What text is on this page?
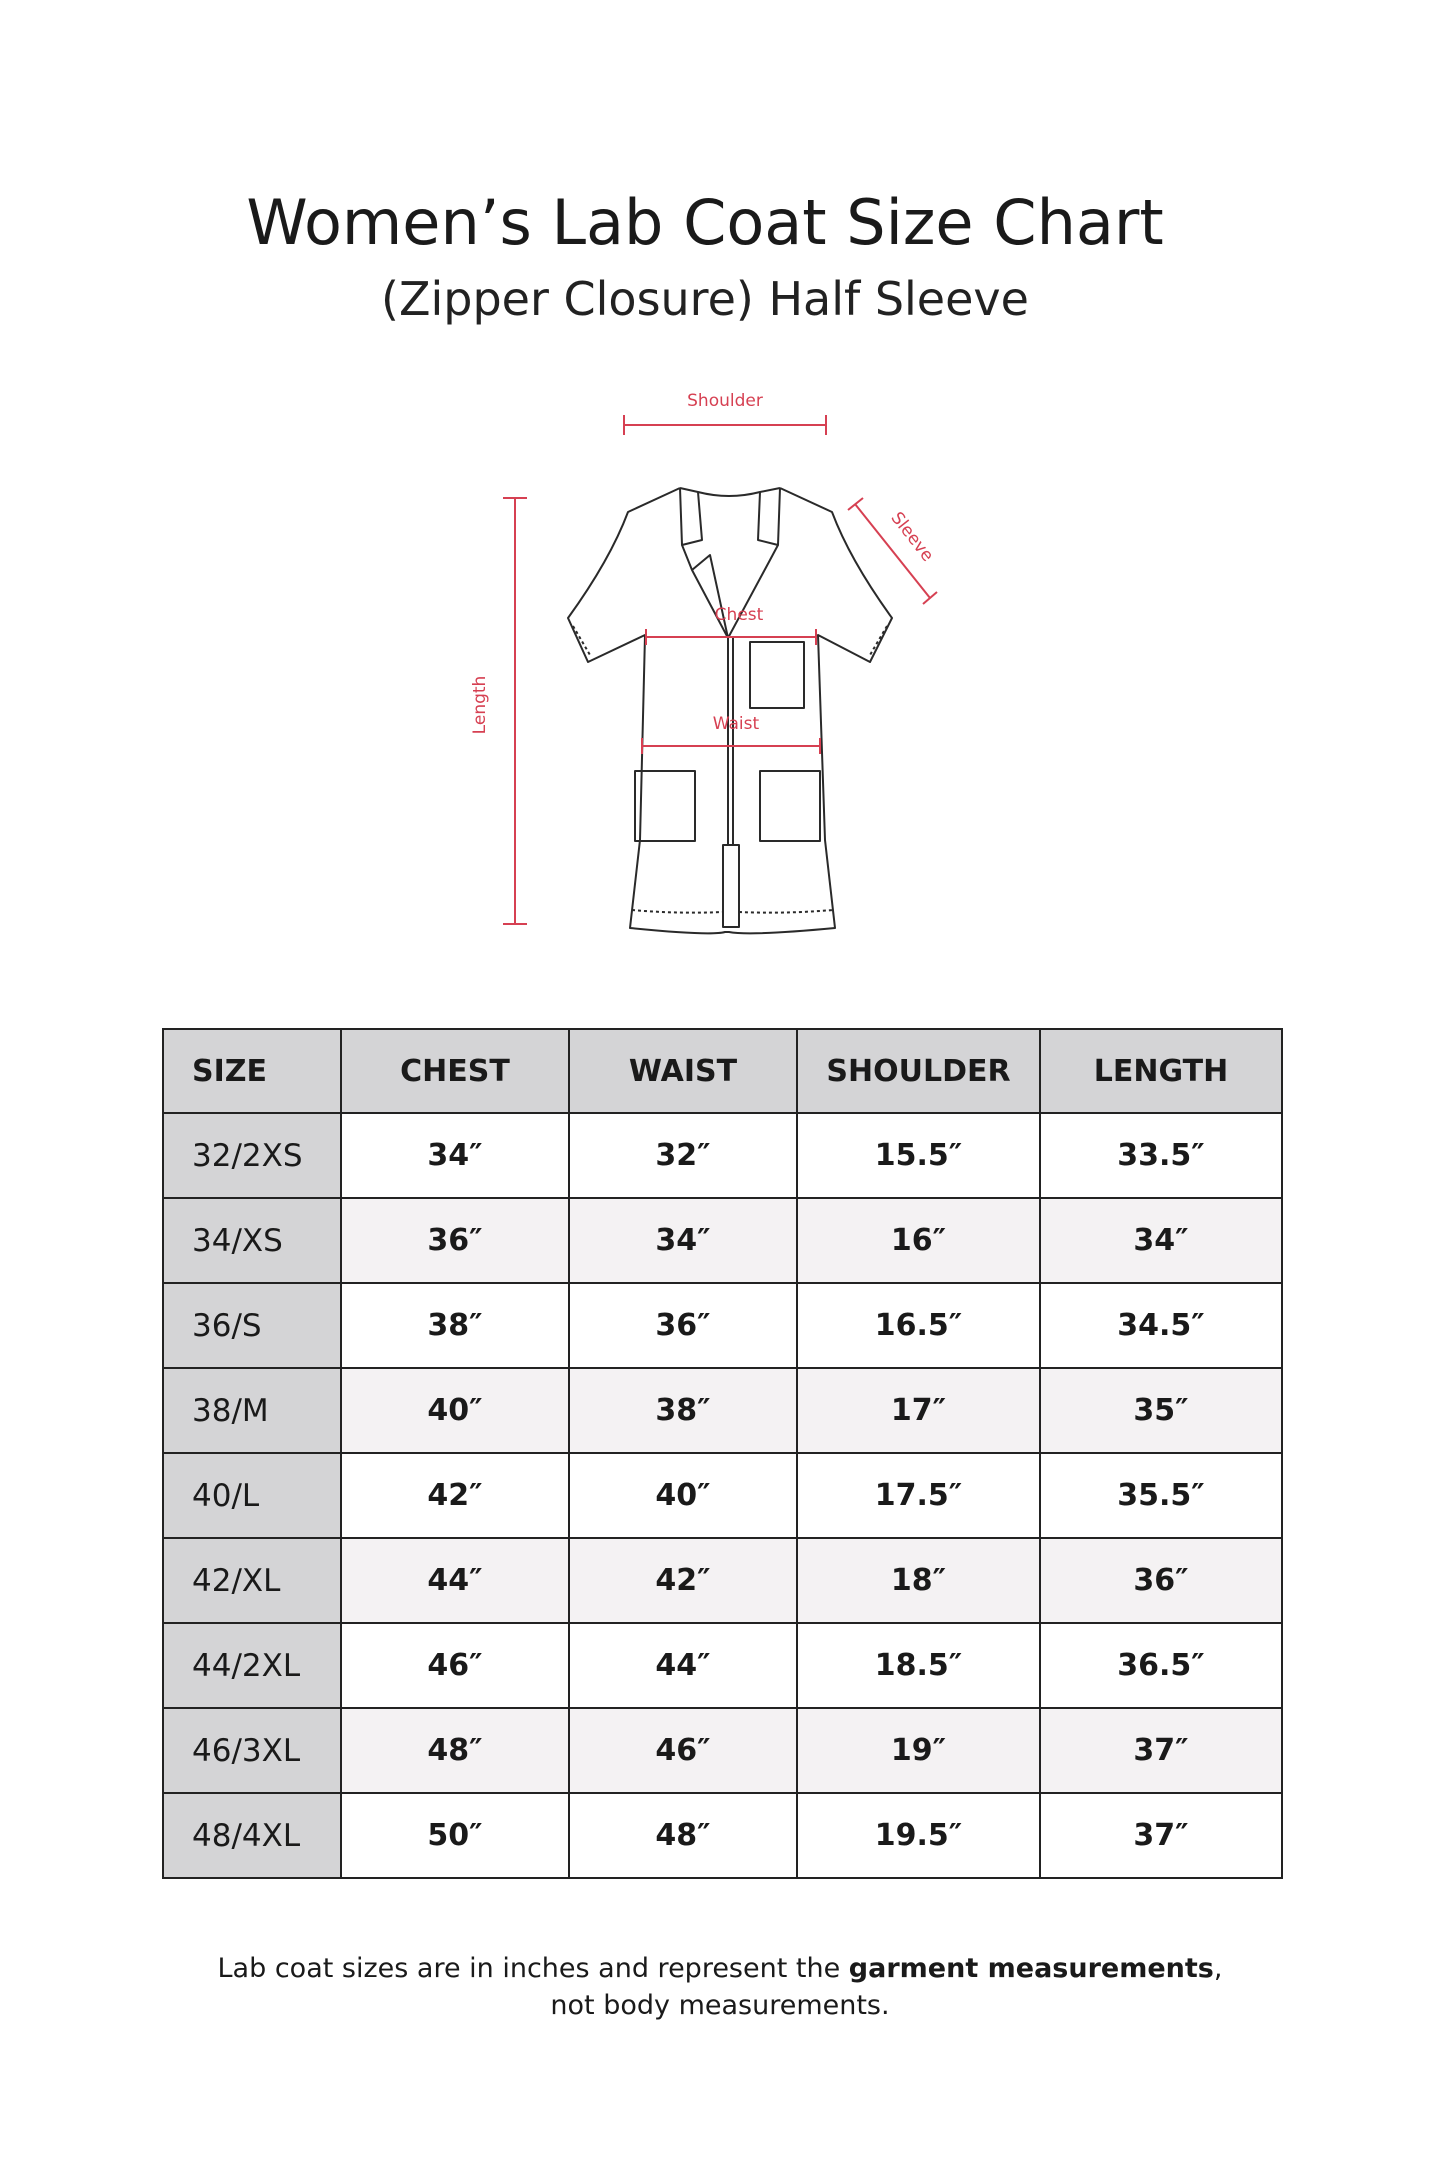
Women’s Lab Coat Size Chart
(Zipper Closure) Half Sleeve
Shoulder
Length
Sleeve
Chest
Waist
SIZE	CHEST	WAIST	SHOULDER	LENGTH
32/2XS	34″	32″	15.5″	33.5″
34/XS	36″	34″	16″	34″
36/S	38″	36″	16.5″	34.5″
38/M	40″	38″	17″	35″
40/L	42″	40″	17.5″	35.5″
42/XL	44″	42″	18″	36″
44/2XL	46″	44″	18.5″	36.5″
46/3XL	48″	46″	19″	37″
48/4XL	50″	48″	19.5″	37″
Lab coat sizes are in inches and represent the garment measurements,
not body measurements.
